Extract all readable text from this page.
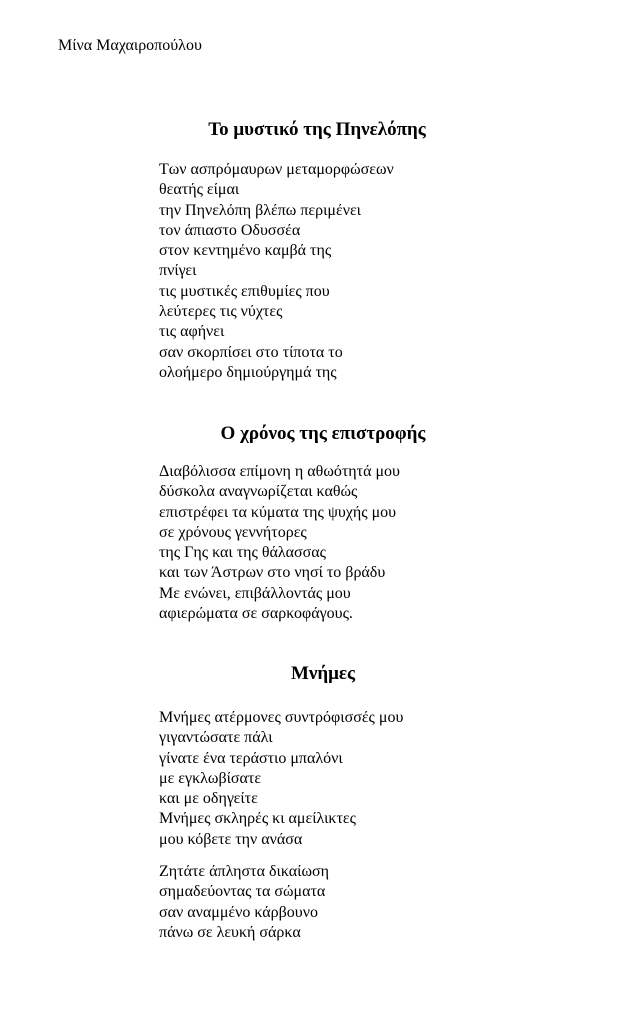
Μίνα Μαχαιροπούλου
Το μυστικό της Πηνελόπης
Των ασπρόμαυρων μεταμορφώσεων
θεατής είμαι
την Πηνελόπη βλέπω περιμένει
τον άπιαστο Οδυσσέα
στον κεντημένο καμβά της
πνίγει
τις μυστικές επιθυμίες που
λεύτερες τις νύχτες
τις αφήνει
σαν σκορπίσει στο τίποτα το
ολοήμερο δημιούργημά της
Ο χρόνος της επιστροφής
Διαβόλισσα επίμονη η αθωότητά μου
δύσκολα αναγνωρίζεται καθώς
επιστρέφει τα κύματα της ψυχής μου
σε χρόνους γεννήτορες
της Γης και της θάλασσας
και των Άστρων στο νησί το βράδυ
Με ενώνει, επιβάλλοντάς μου
αφιερώματα σε σαρκοφάγους.
Μνήμες
Μνήμες ατέρμονες συντρόφισσές μου
γιγαντώσατε πάλι
γίνατε ένα τεράστιο μπαλόνι
με εγκλωβίσατε
και με οδηγείτε
Μνήμες σκληρές κι αμείλικτες
μου κόβετε την ανάσα
Ζητάτε άπληστα δικαίωση
σημαδεύοντας τα σώματα
σαν αναμμένο κάρβουνο
πάνω σε λευκή σάρκα
